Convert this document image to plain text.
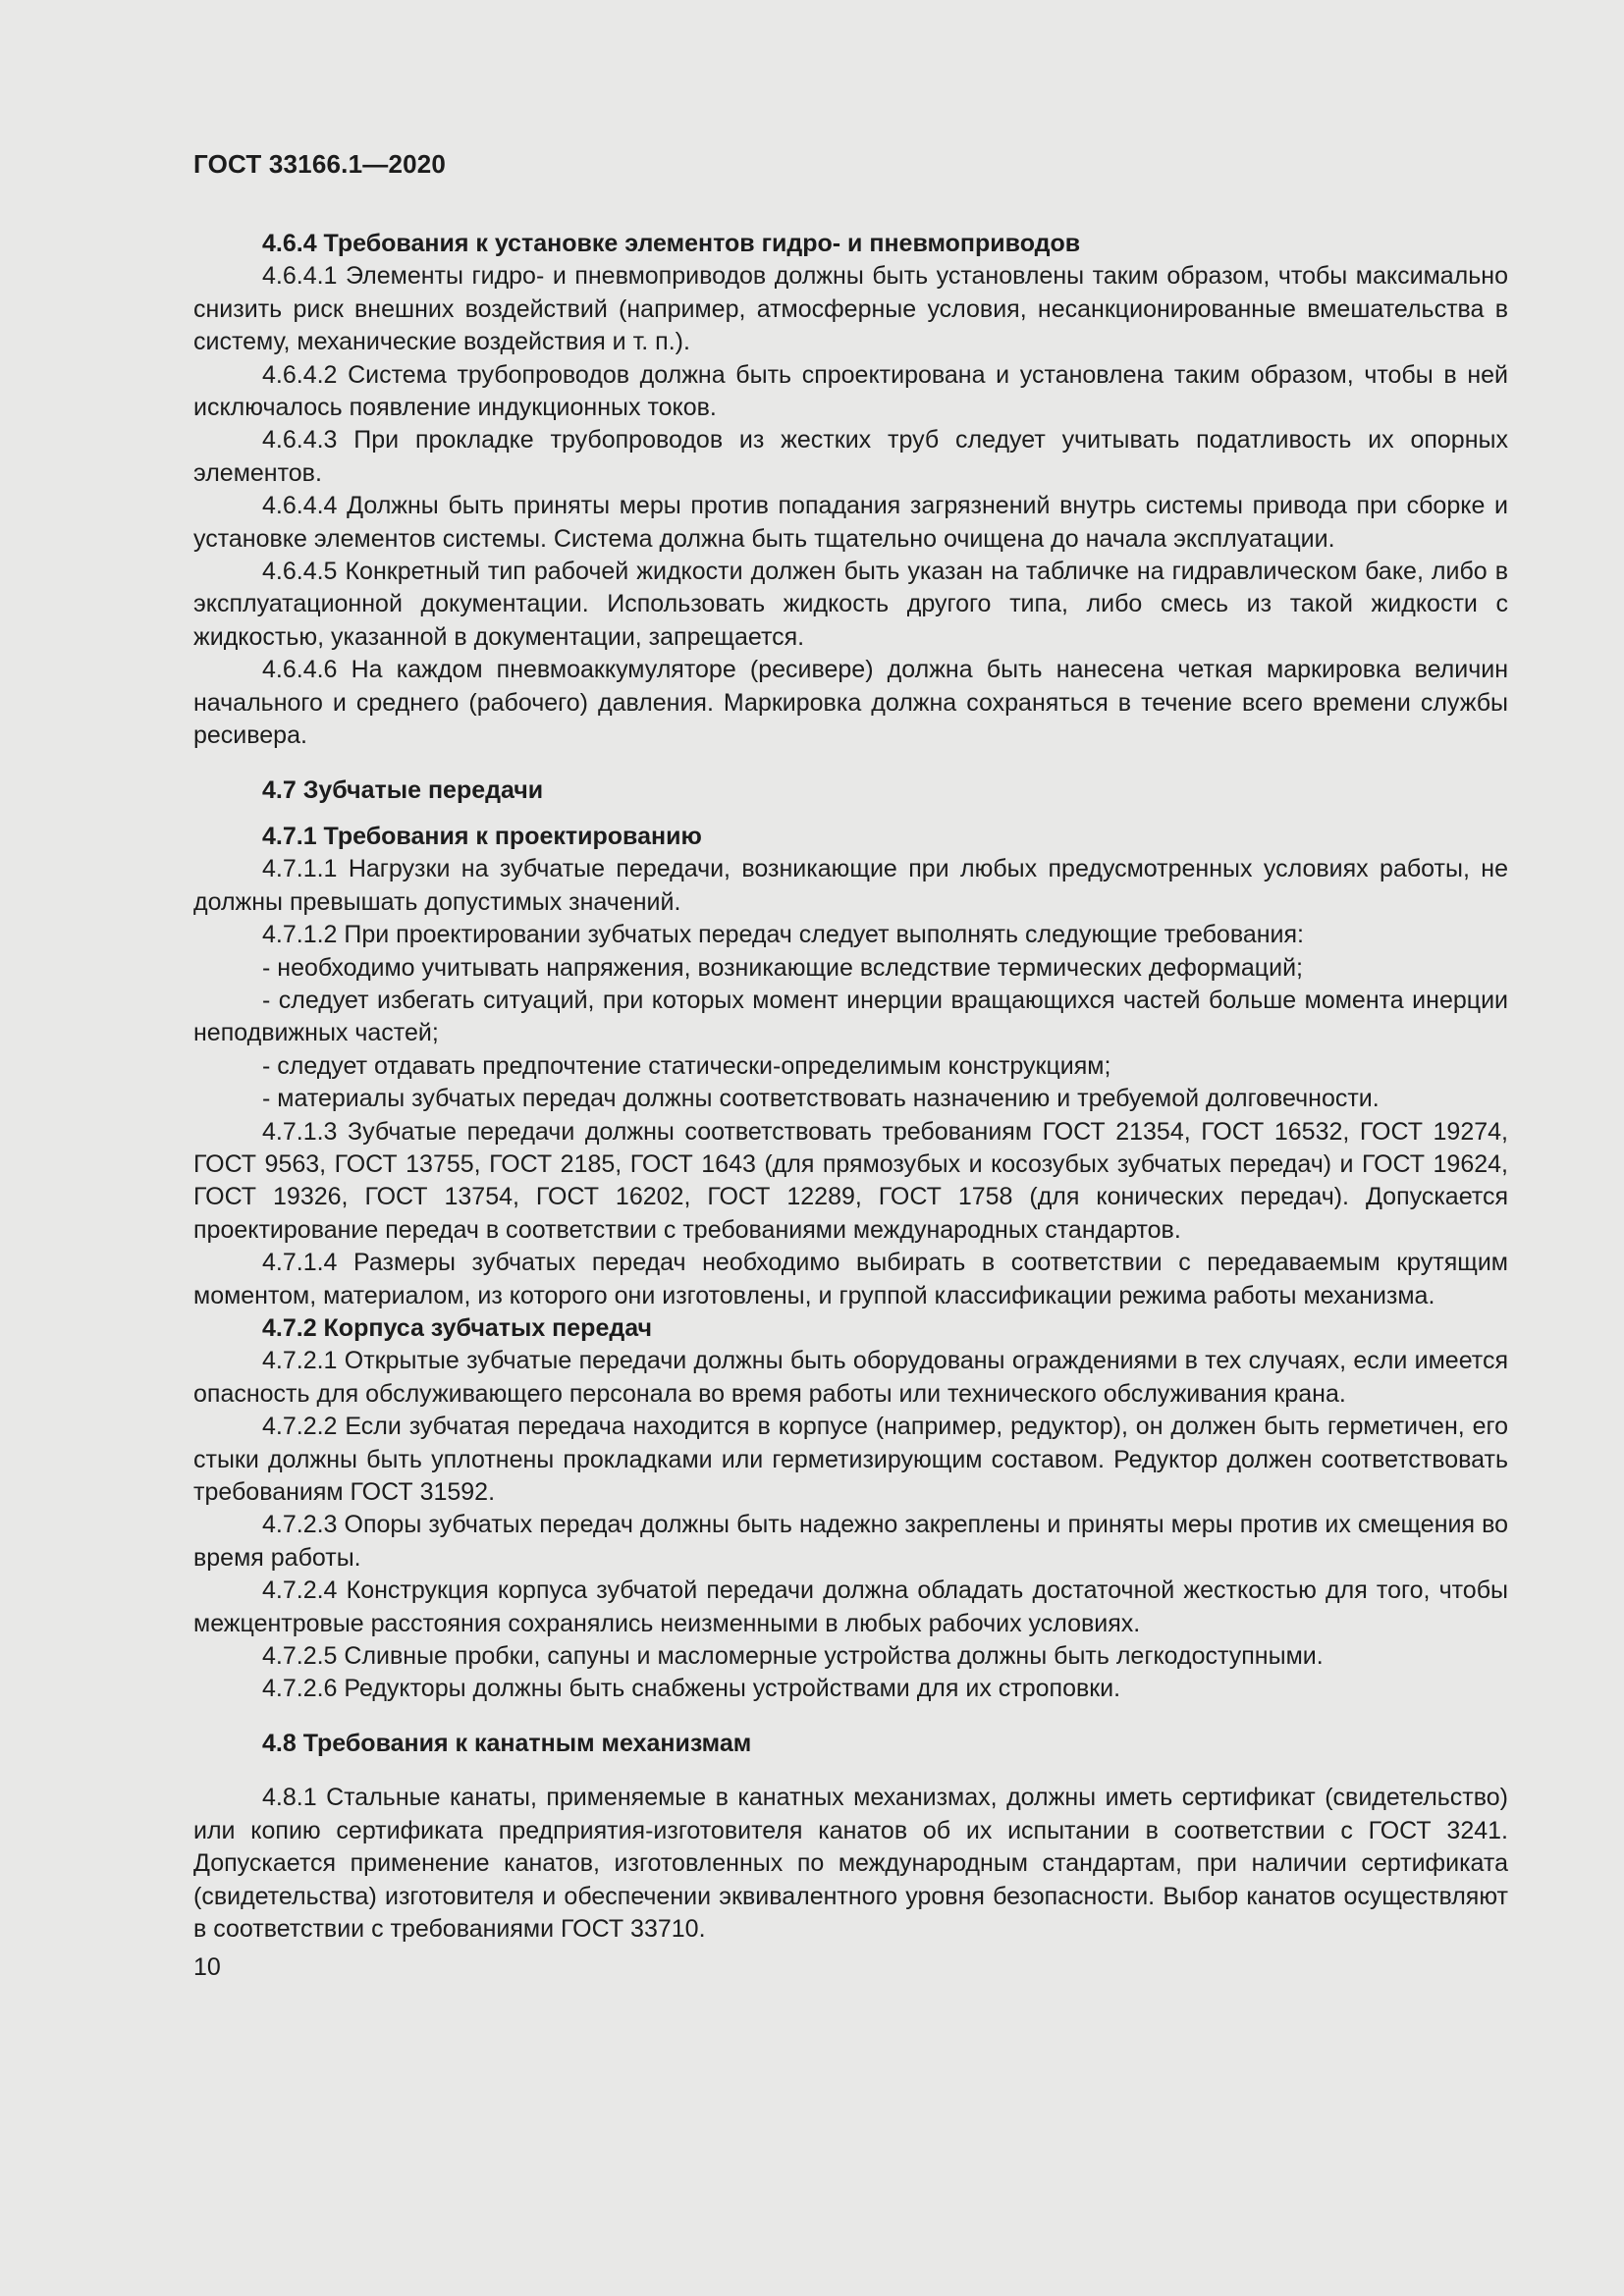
ГОСТ 33166.1—2020

4.6.4 Требования к установке элементов гидро- и пневмоприводов

4.6.4.1 Элементы гидро- и пневмоприводов должны быть установлены таким образом, чтобы максимально снизить риск внешних воздействий (например, атмосферные условия, несанкционированные вмешательства в систему, механические воздействия и т. п.).

4.6.4.2 Система трубопроводов должна быть спроектирована и установлена таким образом, чтобы в ней исключалось появление индукционных токов.

4.6.4.3 При прокладке трубопроводов из жестких труб следует учитывать податливость их опорных элементов.

4.6.4.4 Должны быть приняты меры против попадания загрязнений внутрь системы привода при сборке и установке элементов системы. Система должна быть тщательно очищена до начала эксплуатации.

4.6.4.5 Конкретный тип рабочей жидкости должен быть указан на табличке на гидравлическом баке, либо в эксплуатационной документации. Использовать жидкость другого типа, либо смесь из такой жидкости с жидкостью, указанной в документации, запрещается.

4.6.4.6 На каждом пневмоаккумуляторе (ресивере) должна быть нанесена четкая маркировка величин начального и среднего (рабочего) давления. Маркировка должна сохраняться в течение всего времени службы ресивера.

4.7 Зубчатые передачи

4.7.1 Требования к проектированию

4.7.1.1 Нагрузки на зубчатые передачи, возникающие при любых предусмотренных условиях работы, не должны превышать допустимых значений.

4.7.1.2 При проектировании зубчатых передач следует выполнять следующие требования:

- необходимо учитывать напряжения, возникающие вследствие термических деформаций;

- следует избегать ситуаций, при которых момент инерции вращающихся частей больше момента инерции неподвижных частей;

- следует отдавать предпочтение статически-определимым конструкциям;

- материалы зубчатых передач должны соответствовать назначению и требуемой долговечности.

4.7.1.3 Зубчатые передачи должны соответствовать требованиям ГОСТ 21354, ГОСТ 16532, ГОСТ 19274, ГОСТ 9563, ГОСТ 13755, ГОСТ 2185, ГОСТ 1643 (для прямозубых и косозубых зубчатых передач) и ГОСТ 19624, ГОСТ 19326, ГОСТ 13754, ГОСТ 16202, ГОСТ 12289, ГОСТ 1758 (для конических передач). Допускается проектирование передач в соответствии с требованиями международных стандартов.

4.7.1.4 Размеры зубчатых передач необходимо выбирать в соответствии с передаваемым крутящим моментом, материалом, из которого они изготовлены, и группой классификации режима работы механизма.

4.7.2 Корпуса зубчатых передач

4.7.2.1 Открытые зубчатые передачи должны быть оборудованы ограждениями в тех случаях, если имеется опасность для обслуживающего персонала во время работы или технического обслуживания крана.

4.7.2.2 Если зубчатая передача находится в корпусе (например, редуктор), он должен быть герметичен, его стыки должны быть уплотнены прокладками или герметизирующим составом. Редуктор должен соответствовать требованиям ГОСТ 31592.

4.7.2.3 Опоры зубчатых передач должны быть надежно закреплены и приняты меры против их смещения во время работы.

4.7.2.4 Конструкция корпуса зубчатой передачи должна обладать достаточной жесткостью для того, чтобы межцентровые расстояния сохранялись неизменными в любых рабочих условиях.

4.7.2.5 Сливные пробки, сапуны и масломерные устройства должны быть легкодоступными.

4.7.2.6 Редукторы должны быть снабжены устройствами для их строповки.

4.8 Требования к канатным механизмам

4.8.1 Стальные канаты, применяемые в канатных механизмах, должны иметь сертификат (свидетельство) или копию сертификата предприятия-изготовителя канатов об их испытании в соответствии с ГОСТ 3241. Допускается применение канатов, изготовленных по международным стандартам, при наличии сертификата (свидетельства) изготовителя и обеспечении эквивалентного уровня безопасности. Выбор канатов осуществляют в соответствии с требованиями ГОСТ 33710.

10
